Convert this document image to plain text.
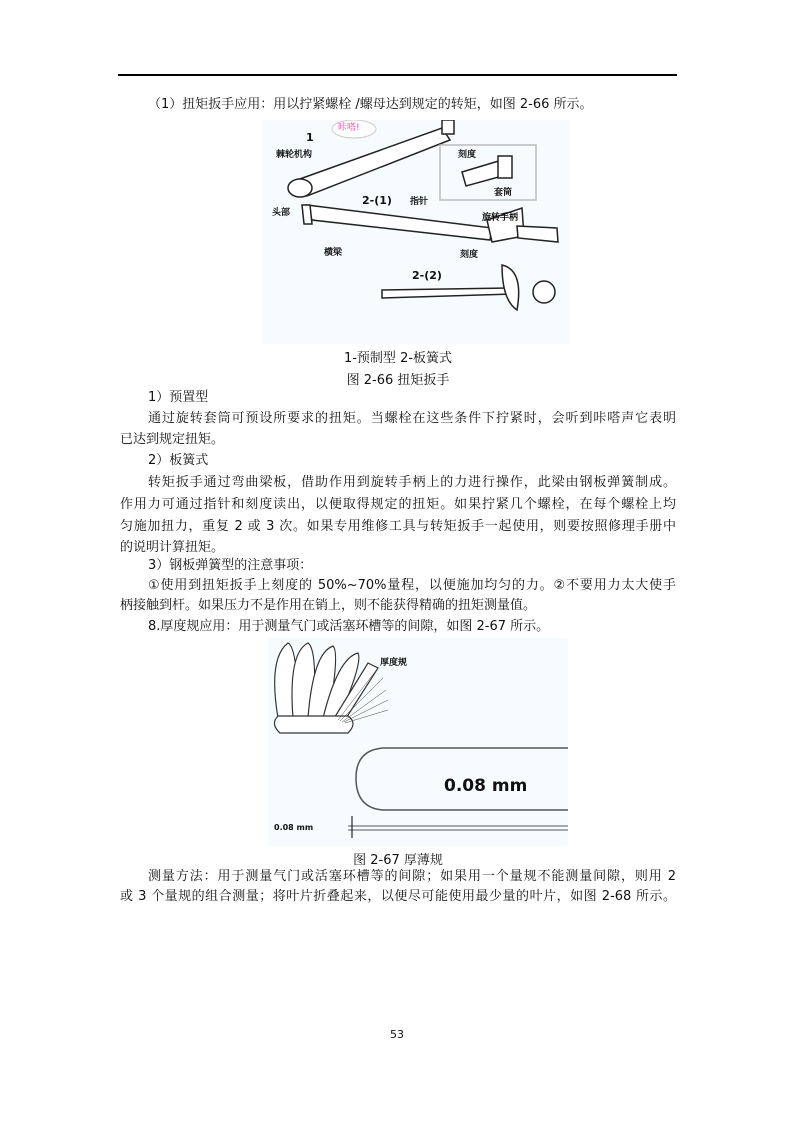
（1）扭矩扳手应用：用以拧紧螺栓 /螺母达到规定的转矩，如图 2-66 所示。
咔嗒!
1
棘轮机构	刻度
套筒
2-(1) 指针
头部	旋转手柄
横梁	刻度
2-(2)
1-预制型 2-板簧式
图 2-66 扭矩扳手
1）预置型
通过旋转套筒可预设所要求的扭矩。当螺栓在这些条件下拧紧时，会听到咔嗒声它表明
已达到规定扭矩。
2）板簧式
转矩扳手通过弯曲梁板，借助作用到旋转手柄上的力进行操作，此梁由钢板弹簧制成。
作用力可通过指针和刻度读出，以便取得规定的扭矩。如果拧紧几个螺栓，在每个螺栓上均
匀施加扭力，重复 2 或 3 次。如果专用维修工具与转矩扳手一起使用，则要按照修理手册中
的说明计算扭矩。
3）钢板弹簧型的注意事项：
①使用到扭矩扳手上刻度的 50%~70%量程，以便施加均匀的力。②不要用力太大使手
柄接触到杆。如果压力不是作用在销上，则不能获得精确的扭矩测量值。
8.厚度规应用：用于测量气门或活塞环槽等的间隙，如图 2-67 所示。
厚度规
0.08 mm
0.08 mm
图 2-67 厚薄规
测量方法：用于测量气门或活塞环槽等的间隙；如果用一个量规不能测量间隙，则用 2
或 3 个量规的组合测量；将叶片折叠起来，以便尽可能使用最少量的叶片，如图 2-68 所示。
53
